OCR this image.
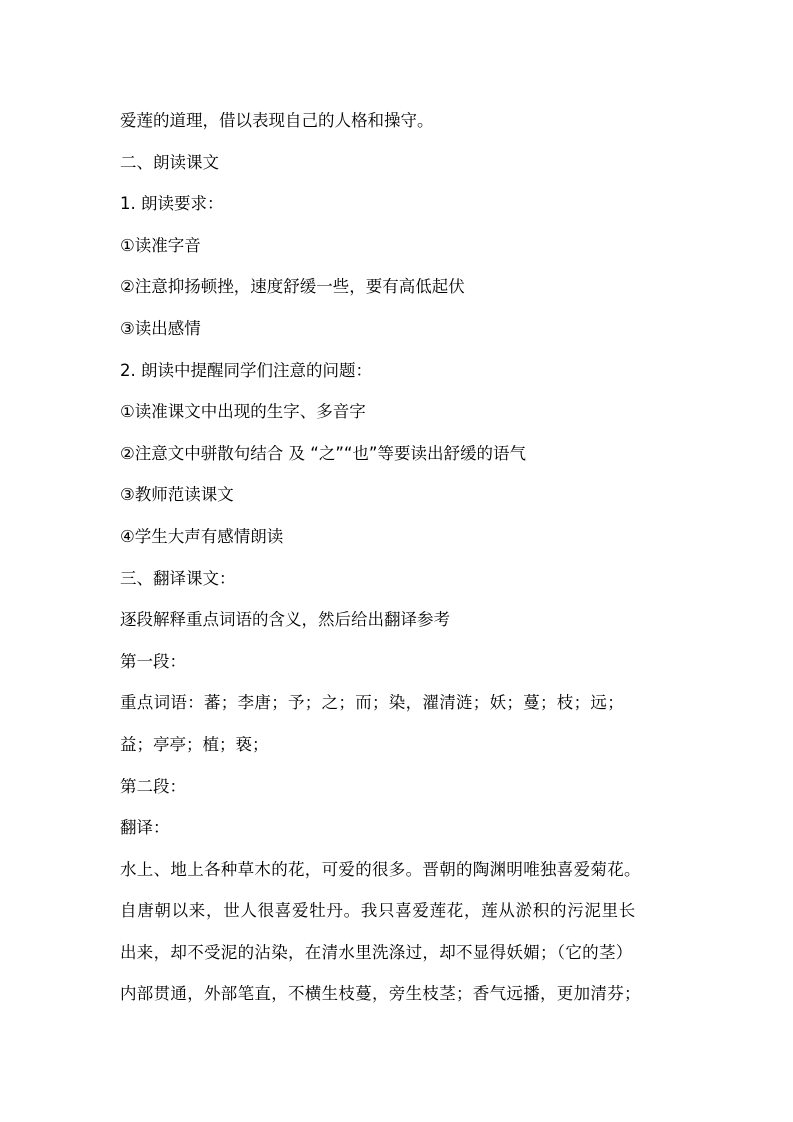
爱莲的道理，借以表现自己的人格和操守。
二、朗读课文
1. 朗读要求：
①读准字音
②注意抑扬顿挫，速度舒缓一些，要有高低起伏
③读出感情
2. 朗读中提醒同学们注意的问题：
①读准课文中出现的生字、多音字
②注意文中骈散句结合 及 “之”“也”等要读出舒缓的语气
③教师范读课文
④学生大声有感情朗读
三、翻译课文：
逐段解释重点词语的含义，然后给出翻译参考
第一段：
重点词语：蕃；李唐；予；之；而；染，濯清涟；妖；蔓；枝；远；
益；亭亭；植；亵；
第二段：
翻译：
水上、地上各种草木的花，可爱的很多。晋朝的陶渊明唯独喜爱菊花。
自唐朝以来，世人很喜爱牡丹。我只喜爱莲花，莲从淤积的污泥里长
出来，却不受泥的沾染，在清水里洗涤过，却不显得妖媚；（它的茎）
内部贯通，外部笔直，不横生枝蔓，旁生枝茎；香气远播，更加清芬；
